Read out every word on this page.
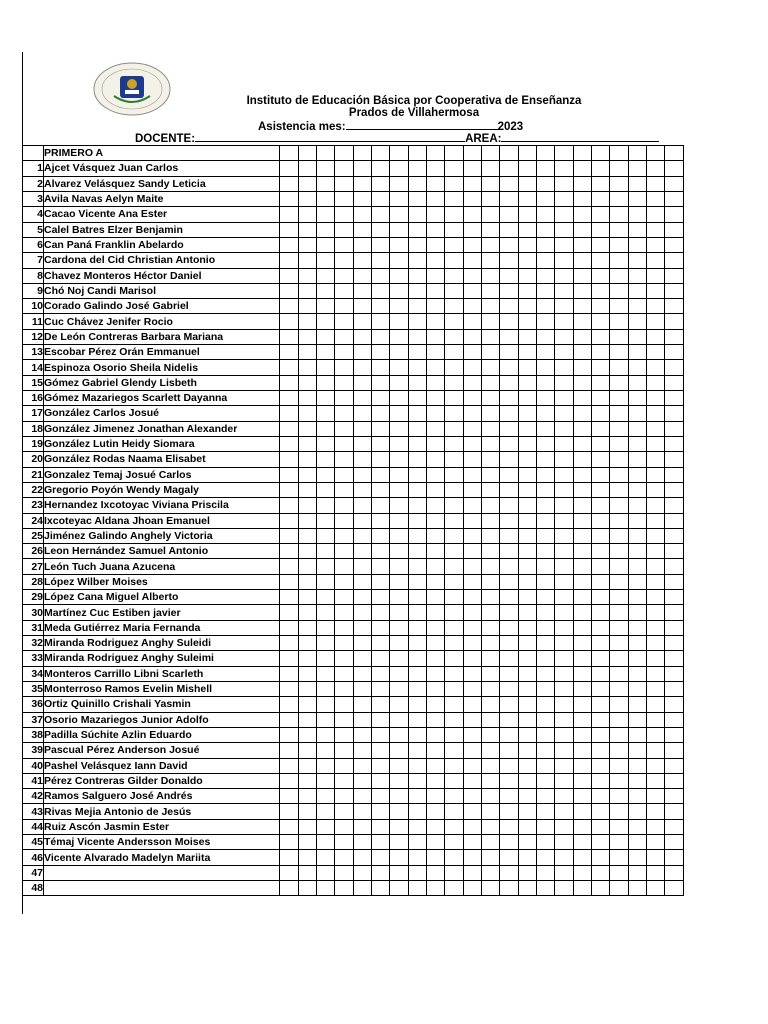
Instituto de Educación Básica por Cooperativa de Enseñanza
Prados de Villahermosa
Asistencia mes:	2023
DOCENTE:	AREA:
	PRIMERO A																						
1	Ajcet Vásquez Juan Carlos																						
2	Alvarez Velásquez Sandy Leticia																						
3	Avila Navas Aelyn Maite																						
4	Cacao Vicente Ana Ester																						
5	Calel Batres Elzer Benjamin																						
6	Can Paná Franklin Abelardo																						
7	Cardona del Cid Christian Antonio																						
8	Chavez Monteros Héctor Daniel																						
9	Chó Noj Candi Marisol																						
10	Corado Galindo José Gabriel																						
11	Cuc Chávez Jenifer Rocio																						
12	De León Contreras Barbara Mariana																						
13	Escobar Pérez Orán Emmanuel																						
14	Espinoza Osorio Sheila Nidelis																						
15	Gómez Gabriel Glendy Lisbeth																						
16	Gómez Mazariegos Scarlett Dayanna																						
17	González Carlos Josué																						
18	González Jimenez Jonathan Alexander																						
19	González Lutin Heidy Siomara																						
20	González Rodas Naama Elisabet																						
21	Gonzalez Temaj Josué Carlos																						
22	Gregorio Poyón Wendy Magaly																						
23	Hernandez Ixcotoyac Viviana Priscila																						
24	Ixcoteyac Aldana Jhoan Emanuel																						
25	Jiménez Galindo Anghely Victoria																						
26	Leon Hernández Samuel Antonio																						
27	León Tuch Juana Azucena																						
28	López Wilber Moises																						
29	López Cana Miguel Alberto																						
30	Martínez Cuc Estiben javier																						
31	Meda Gutiérrez Maria Fernanda																						
32	Miranda Rodriguez Anghy Suleidi																						
33	Miranda Rodriguez Anghy Suleimi																						
34	Monteros Carrillo Libni Scarleth																						
35	Monterroso Ramos Evelin Mishell																						
36	Ortiz Quinillo Crishali Yasmin																						
37	Osorio Mazariegos Junior Adolfo																						
38	Padilla Súchite Azlin Eduardo																						
39	Pascual Pérez Anderson Josué																						
40	Pashel Velásquez Iann David																						
41	Pérez Contreras Gilder Donaldo																						
42	Ramos Salguero José Andrés																						
43	Rivas Mejia Antonio de Jesús																						
44	Ruiz Ascón Jasmin Ester																						
45	Témaj Vicente Andersson Moises																						
46	Vicente Alvarado Madelyn Mariita																						
47																							
48																							
